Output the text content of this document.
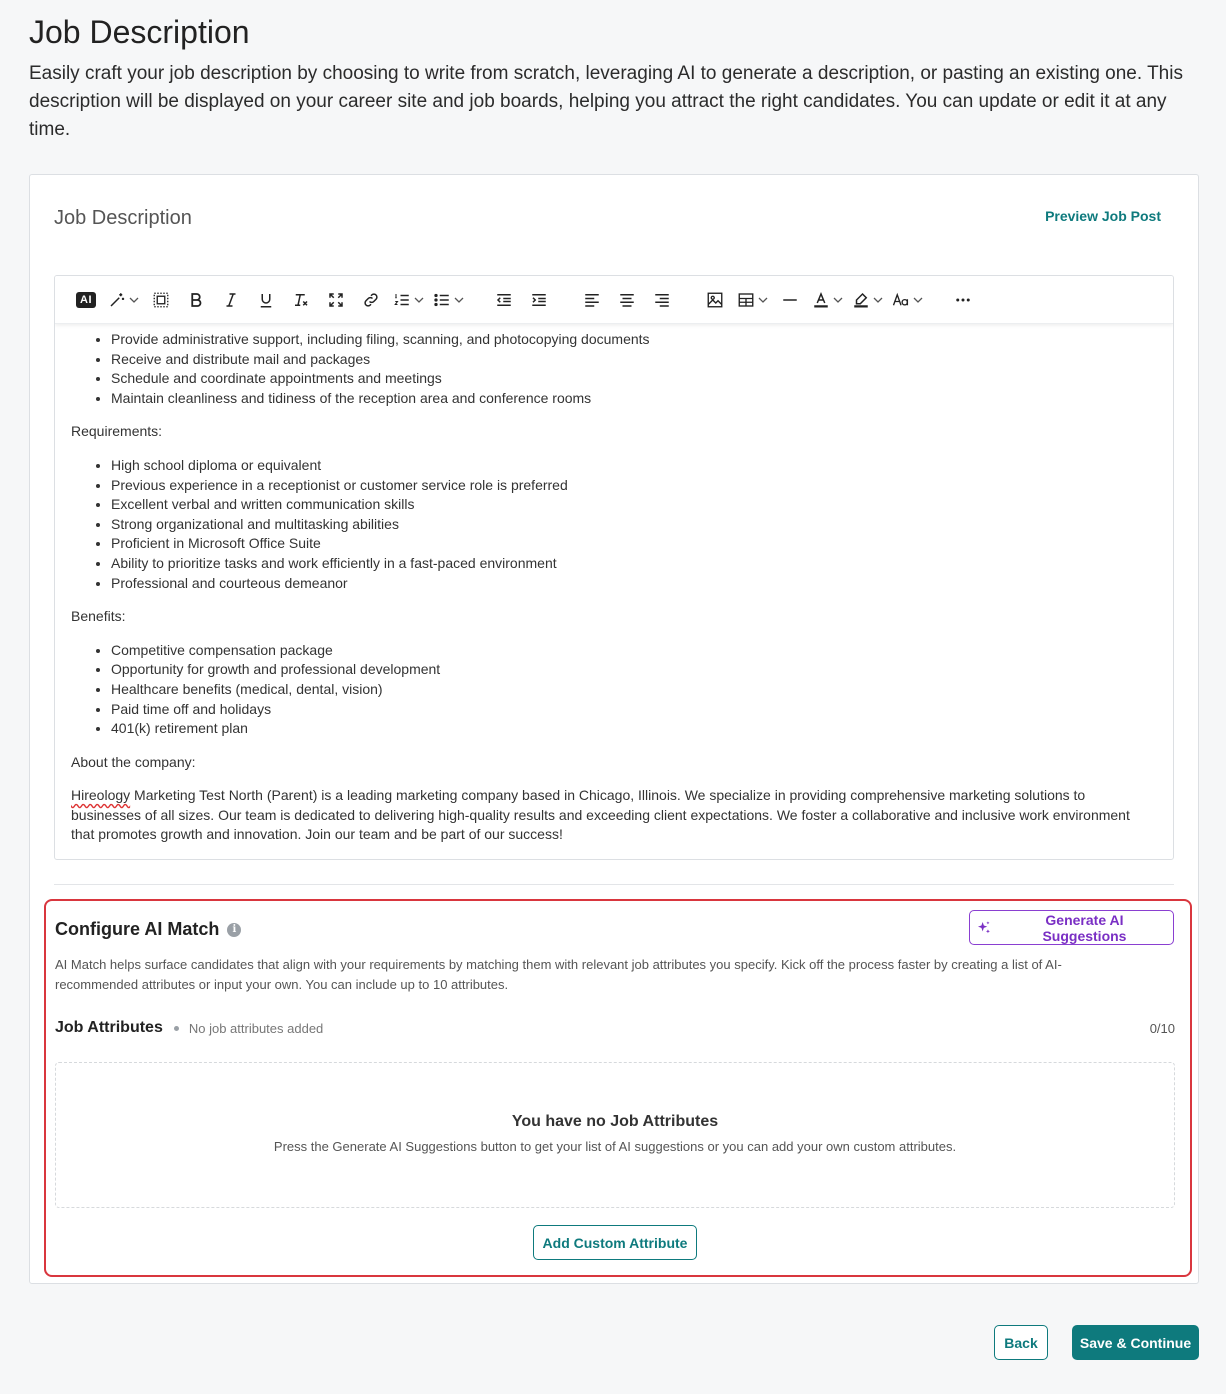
Job Description

Easily craft your job description by choosing to write from scratch, leveraging AI to generate a description, or pasting an existing one. This description will be displayed on your career site and job boards, helping you attract the right candidates. You can update or edit it at any time.

Job Description	Preview Job Post
AI
• Provide administrative support, including filing, scanning, and photocopying documents
• Receive and distribute mail and packages
• Schedule and coordinate appointments and meetings
• Maintain cleanliness and tidiness of the reception area and conference rooms

Requirements:

• High school diploma or equivalent
• Previous experience in a receptionist or customer service role is preferred
• Excellent verbal and written communication skills
• Strong organizational and multitasking abilities
• Proficient in Microsoft Office Suite
• Ability to prioritize tasks and work efficiently in a fast-paced environment
• Professional and courteous demeanor

Benefits:

• Competitive compensation package
• Opportunity for growth and professional development
• Healthcare benefits (medical, dental, vision)
• Paid time off and holidays
• 401(k) retirement plan

About the company:

Hireology Marketing Test North (Parent) is a leading marketing company based in Chicago, Illinois. We specialize in providing comprehensive marketing solutions to businesses of all sizes. Our team is dedicated to delivering high-quality results and exceeding client expectations. We foster a collaborative and inclusive work environment that promotes growth and innovation. Join our team and be part of our success!

Configure AI Match	i
Generate AI Suggestions
AI Match helps surface candidates that align with your requirements by matching them with relevant job attributes you specify. Kick off the process faster by creating a list of AI-recommended attributes or input your own. You can include up to 10 attributes.
Job Attributes No job attributes added	0/10
You have no Job Attributes
Press the Generate AI Suggestions button to get your list of AI suggestions or you can add your own custom attributes.
Add Custom Attribute
Back	Save & Continue
